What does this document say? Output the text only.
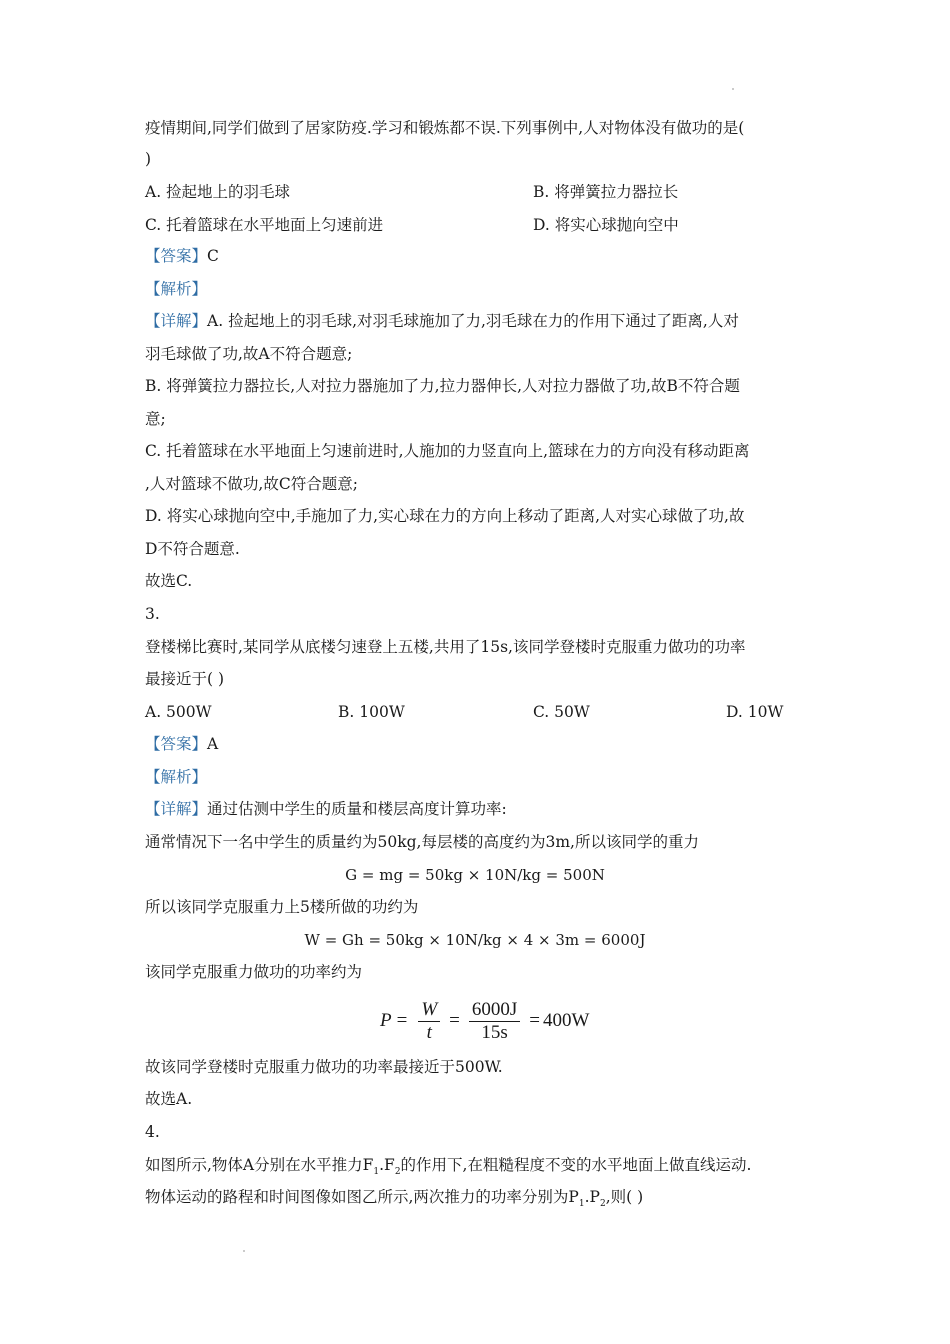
疫情期间,同学们做到了居家防疫.学习和锻炼都不误.下列事例中,人对物体没有做功的是(
)
A. 捡起地上的羽毛球	B. 将弹簧拉力器拉长
C. 托着篮球在水平地面上匀速前进	D. 将实心球抛向空中
【答案】C
【解析】
【详解】A. 捡起地上的羽毛球,对羽毛球施加了力,羽毛球在力的作用下通过了距离,人对
羽毛球做了功,故A不符合题意;
B. 将弹簧拉力器拉长,人对拉力器施加了力,拉力器伸长,人对拉力器做了功,故B不符合题
意;
C. 托着篮球在水平地面上匀速前进时,人施加的力竖直向上,篮球在力的方向没有移动距离
,人对篮球不做功,故C符合题意;
D. 将实心球抛向空中,手施加了力,实心球在力的方向上移动了距离,人对实心球做了功,故
D不符合题意.
故选C.
3.
登楼梯比赛时,某同学从底楼匀速登上五楼,共用了15s,该同学登楼时克服重力做功的功率
最接近于( )
A. 500W	B. 100W	C. 50W	D. 10W
【答案】A
【解析】
【详解】通过估测中学生的质量和楼层高度计算功率:
通常情况下一名中学生的质量约为50kg,每层楼的高度约为3m,所以该同学的重力
G = mg = 50kg × 10N/kg = 500N
所以该同学克服重力上5楼所做的功约为
W = Gh = 50kg × 10N/kg × 4 × 3m = 6000J
该同学克服重力做功的功率约为
$P = \frac{W}{t} = \frac{6000J}{15s} = 400W$
故该同学登楼时克服重力做功的功率最接近于500W.
故选A.
4.
如图所示,物体A分别在水平推力$F_1.F_2$的作用下,在粗糙程度不变的水平地面上做直线运动.
物体运动的路程和时间图像如图乙所示,两次推力的功率分别为$P_1.P_2$,则( )
